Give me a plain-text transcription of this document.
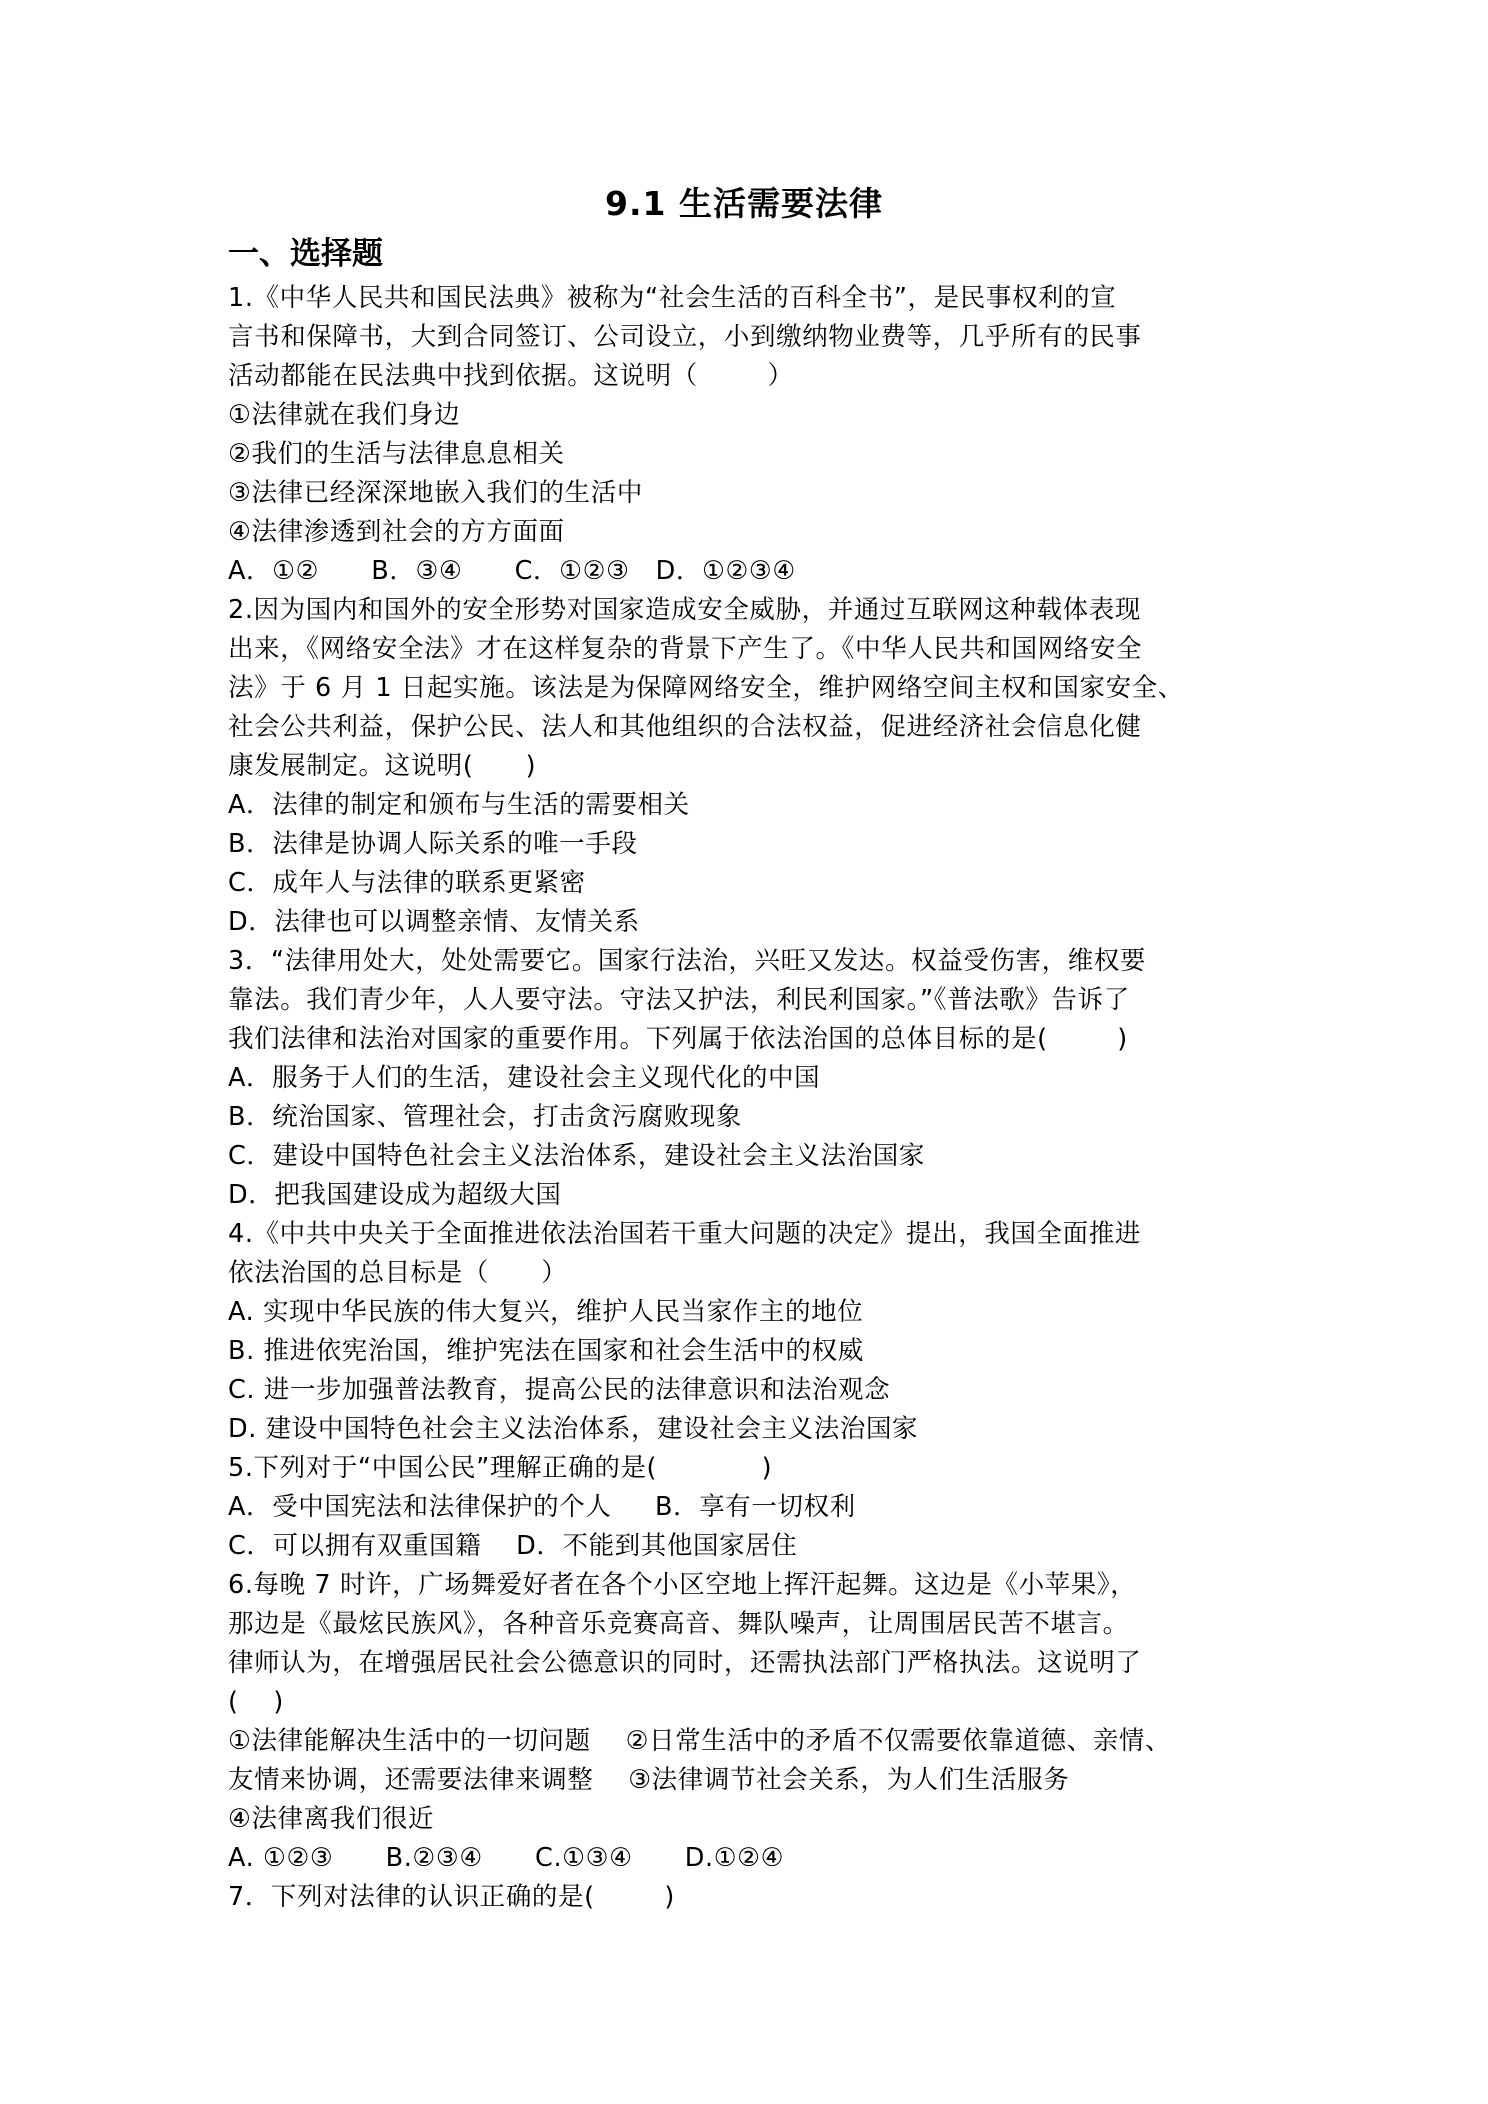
9.1 生活需要法律
一、选择题
1.《中华人民共和国民法典》被称为“社会生活的百科全书”，是民事权利的宣
言书和保障书，大到合同签订、公司设立，小到缴纳物业费等，几乎所有的民事
活动都能在民法典中找到依据。这说明（        ）
①法律就在我们身边
②我们的生活与法律息息相关
③法律已经深深地嵌入我们的生活中
④法律渗透到社会的方方面面
A．①②      B．③④      C．①②③   D．①②③④
2.因为国内和国外的安全形势对国家造成安全威胁，并通过互联网这种载体表现
出来，《网络安全法》才在这样复杂的背景下产生了。《中华人民共和国网络安全
法》于 6 月 1 日起实施。该法是为保障网络安全，维护网络空间主权和国家安全、
社会公共利益，保护公民、法人和其他组织的合法权益，促进经济社会信息化健
康发展制定。这说明(      )
A．法律的制定和颁布与生活的需要相关
B．法律是协调人际关系的唯一手段
C．成年人与法律的联系更紧密
D．法律也可以调整亲情、友情关系
3．“法律用处大，处处需要它。国家行法治，兴旺又发达。权益受伤害，维权要
靠法。我们青少年，人人要守法。守法又护法，利民利国家。”《普法歌》告诉了
我们法律和法治对国家的重要作用。下列属于依法治国的总体目标的是(        )
A．服务于人们的生活，建设社会主义现代化的中国
B．统治国家、管理社会，打击贪污腐败现象
C．建设中国特色社会主义法治体系，建设社会主义法治国家
D．把我国建设成为超级大国
4.《中共中央关于全面推进依法治国若干重大问题的决定》提出，我国全面推进
依法治国的总目标是（      ）
A. 实现中华民族的伟大复兴，维护人民当家作主的地位
B. 推进依宪治国，维护宪法在国家和社会生活中的权威
C. 进一步加强普法教育，提高公民的法律意识和法治观念
D. 建设中国特色社会主义法治体系，建设社会主义法治国家
5.下列对于“中国公民”理解正确的是(            )
A．受中国宪法和法律保护的个人     B．享有一切权利
C．可以拥有双重国籍    D．不能到其他国家居住
6.每晚 7 时许，广场舞爱好者在各个小区空地上挥汗起舞。这边是《小苹果》，
那边是《最炫民族风》，各种音乐竞赛高音、舞队噪声，让周围居民苦不堪言。
律师认为，在增强居民社会公德意识的同时，还需执法部门严格执法。这说明了
(    )
①法律能解决生活中的一切问题    ②日常生活中的矛盾不仅需要依靠道德、亲情、
友情来协调，还需要法律来调整    ③法律调节社会关系，为人们生活服务
④法律离我们很近
A. ①②③      B.②③④      C.①③④      D.①②④
7．下列对法律的认识正确的是(        )
